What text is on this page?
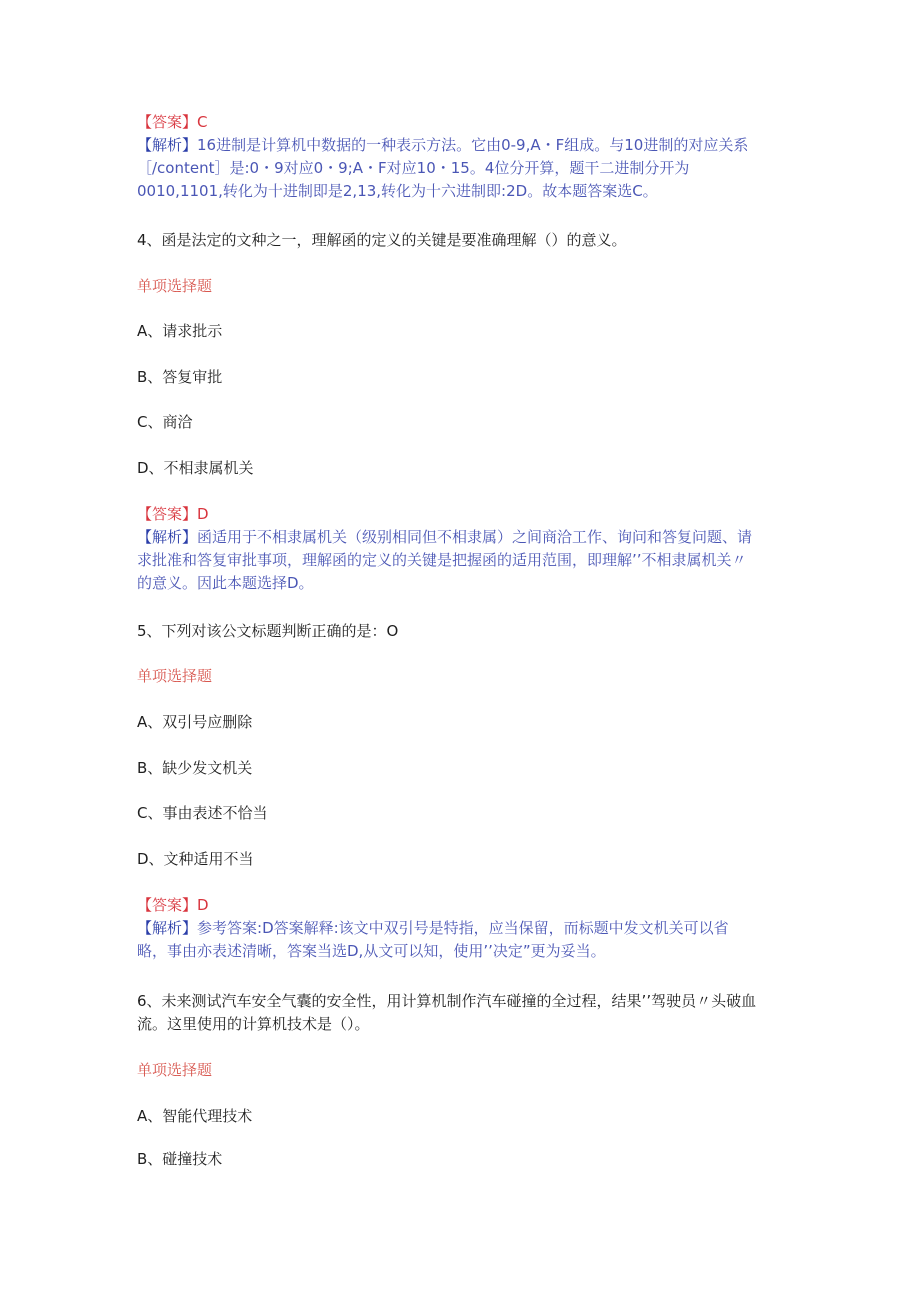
【答案】C
【解析】16进制是计算机中数据的一种表示方法。它由0-9,A・F组成。与10进制的对应关系
［/content］是:0・9对应0・9;A・F对应10・15。4位分开算，题干二进制分开为
0010,1101,转化为十进制即是2,13,转化为十六进制即:2D。故本题答案选C。
4、函是法定的文种之一，理解函的定义的关键是要准确理解（）的意义。
单项选择题
A、请求批示
B、答复审批
C、商洽
D、不相隶属机关
【答案】D
【解析】函适用于不相隶属机关（级别相同但不相隶属）之间商洽工作、询问和答复问题、请
求批准和答复审批事项，理解函的定义的关键是把握函的适用范围，即理解’’不相隶属机关〃
的意义。因此本题选择D。
5、下列对该公文标题判断正确的是：O
单项选择题
A、双引号应删除
B、缺少发文机关
C、事由表述不恰当
D、文种适用不当
【答案】D
【解析】参考答案:D答案解释:该文中双引号是特指，应当保留，而标题中发文机关可以省
略，事由亦表述清晰，答案当选D,从文可以知，使用’’决定”更为妥当。
6、未来测试汽车安全气囊的安全性，用计算机制作汽车碰撞的全过程，结果’’驾驶员〃头破血
流。这里使用的计算机技术是（）。
单项选择题
A、智能代理技术
B、碰撞技术
